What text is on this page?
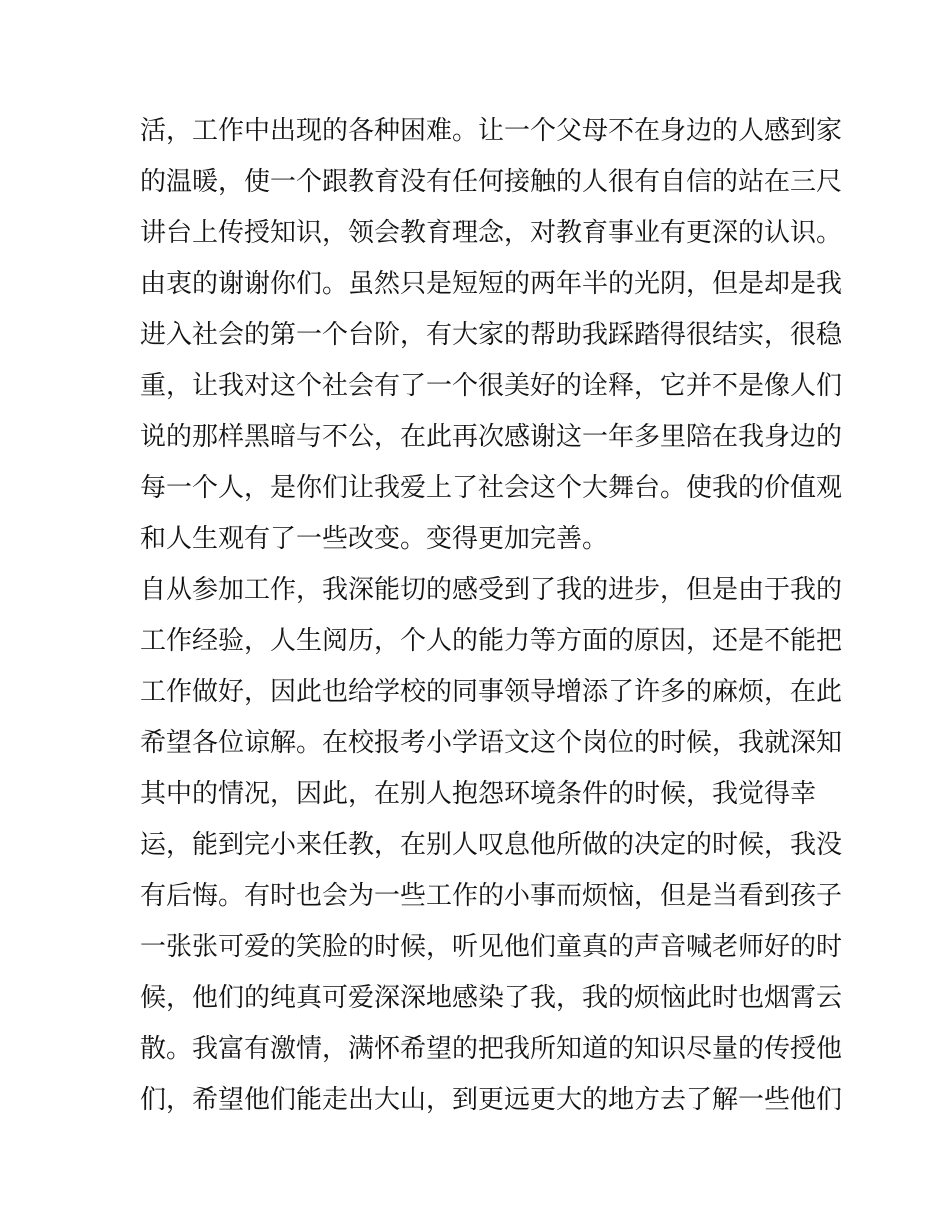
活，工作中出现的各种困难。让一个父母不在身边的人感到家
的温暖，使一个跟教育没有任何接触的人很有自信的站在三尺
讲台上传授知识，领会教育理念，对教育事业有更深的认识。
由衷的谢谢你们。虽然只是短短的两年半的光阴，但是却是我
进入社会的第一个台阶，有大家的帮助我踩踏得很结实，很稳
重，让我对这个社会有了一个很美好的诠释，它并不是像人们
说的那样黑暗与不公，在此再次感谢这一年多里陪在我身边的
每一个人，是你们让我爱上了社会这个大舞台。使我的价值观
和人生观有了一些改变。变得更加完善。
自从参加工作，我深能切的感受到了我的进步，但是由于我的
工作经验，人生阅历，个人的能力等方面的原因，还是不能把
工作做好，因此也给学校的同事领导增添了许多的麻烦，在此
希望各位谅解。在校报考小学语文这个岗位的时候，我就深知
其中的情况，因此，在别人抱怨环境条件的时候，我觉得幸
运，能到完小来任教，在别人叹息他所做的决定的时候，我没
有后悔。有时也会为一些工作的小事而烦恼，但是当看到孩子
一张张可爱的笑脸的时候，听见他们童真的声音喊老师好的时
候，他们的纯真可爱深深地感染了我，我的烦恼此时也烟霄云
散。我富有激情，满怀希望的把我所知道的知识尽量的传授他
们，希望他们能走出大山，到更远更大的地方去了解一些他们
